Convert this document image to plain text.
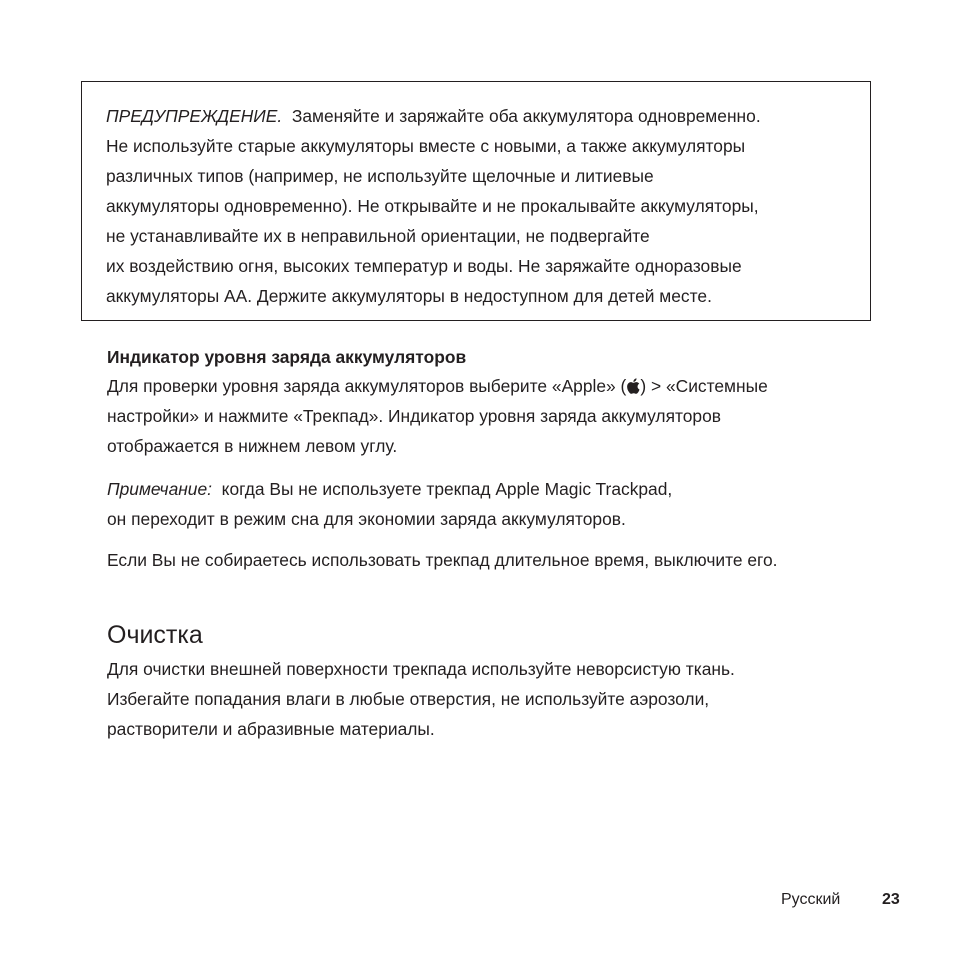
ПРЕДУПРЕЖДЕНИЕ. Заменяйте и заряжайте оба аккумулятора одновременно.
Не используйте старые аккумуляторы вместе с новыми, а также аккумуляторы
различных типов (например, не используйте щелочные и литиевые
аккумуляторы одновременно). Не открывайте и не прокалывайте аккумуляторы,
не устанавливайте их в неправильной ориентации, не подвергайте
их воздействию огня, высоких температур и воды. Не заряжайте одноразовые
аккумуляторы АА. Держите аккумуляторы в недоступном для детей месте.

Индикатор уровня заряда аккумуляторов

Для проверки уровня заряда аккумуляторов выберите «Apple» ( ) > «Системные
настройки» и нажмите «Трекпад». Индикатор уровня заряда аккумуляторов
отображается в нижнем левом углу.

Примечание: когда Вы не используете трекпад Apple Magic Trackpad,
он переходит в режим сна для экономии заряда аккумуляторов.

Если Вы не собираетесь использовать трекпад длительное время, выключите его.

Очистка

Для очистки внешней поверхности трекпада используйте неворсистую ткань.
Избегайте попадания влаги в любые отверстия, не используйте аэрозоли,
растворители и абразивные материалы.

Русский	23
